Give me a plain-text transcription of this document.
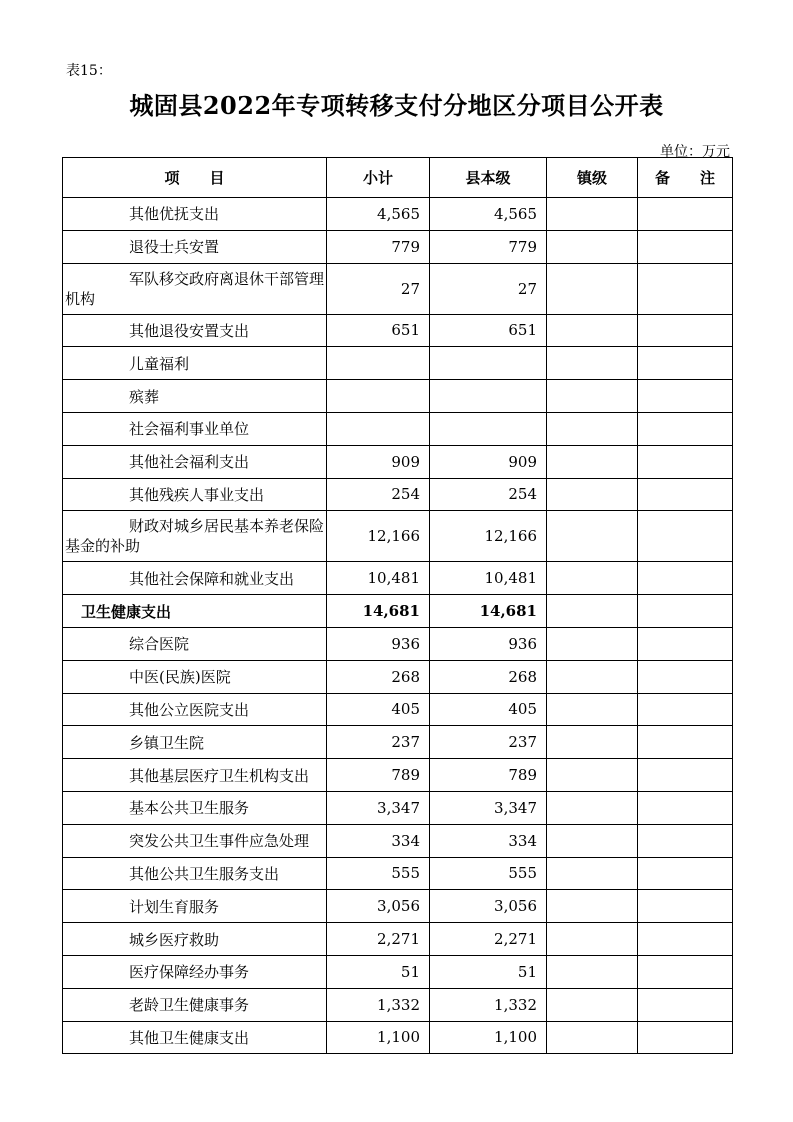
表15：
城固县2022年专项转移支付分地区分项目公开表
单位：万元
项　　目	小计	县本级	镇级	备　　注
其他优抚支出	4,565	4,565		
退役士兵安置	779	779		
军队移交政府离退休干部管理机构	27	27		
其他退役安置支出	651	651		
儿童福利				
殡葬				
社会福利事业单位				
其他社会福利支出	909	909		
其他残疾人事业支出	254	254		
财政对城乡居民基本养老保险基金的补助	12,166	12,166		
其他社会保障和就业支出	10,481	10,481		
卫生健康支出	14,681	14,681		
综合医院	936	936		
中医(民族)医院	268	268		
其他公立医院支出	405	405		
乡镇卫生院	237	237		
其他基层医疗卫生机构支出	789	789		
基本公共卫生服务	3,347	3,347		
突发公共卫生事件应急处理	334	334		
其他公共卫生服务支出	555	555		
计划生育服务	3,056	3,056		
城乡医疗救助	2,271	2,271		
医疗保障经办事务	51	51		
老龄卫生健康事务	1,332	1,332		
其他卫生健康支出	1,100	1,100		
